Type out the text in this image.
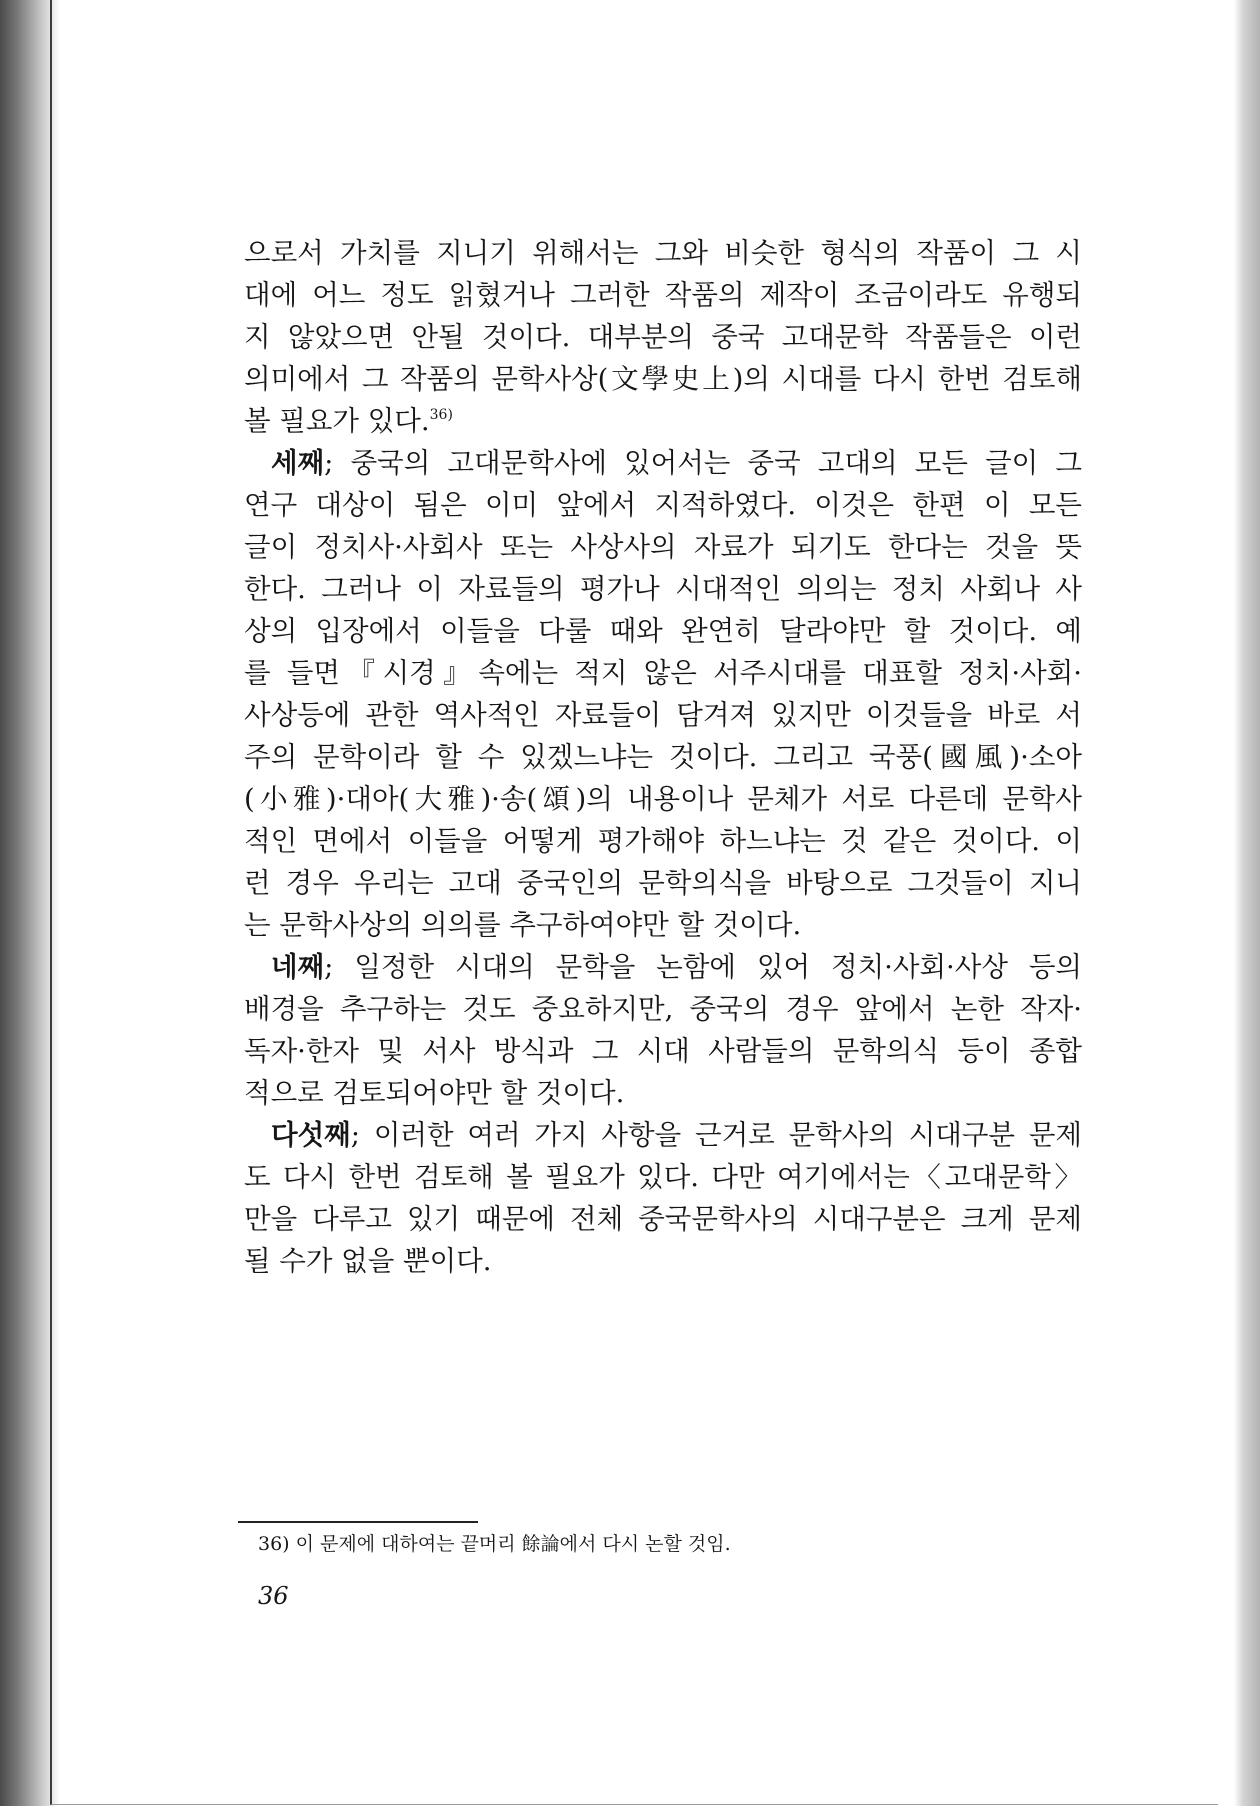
으로서 가치를 지니기 위해서는 그와 비슷한 형식의 작품이 그 시
대에 어느 정도 읽혔거나 그러한 작품의 제작이 조금이라도 유행되
지 않았으면 안될 것이다. 대부분의 중국 고대문학 작품들은 이런
의미에서 그 작품의 문학사상(文學史上)의 시대를 다시 한번 검토해
볼 필요가 있다.$^{36)}$
세째; 중국의 고대문학사에 있어서는 중국 고대의 모든 글이 그
연구 대상이 됨은 이미 앞에서 지적하였다. 이것은 한편 이 모든
글이 정치사·사회사 또는 사상사의 자료가 되기도 한다는 것을 뜻
한다. 그러나 이 자료들의 평가나 시대적인 의의는 정치 사회나 사
상의 입장에서 이들을 다룰 때와 완연히 달라야만 할 것이다. 예
를 들면『시경』속에는 적지 않은 서주시대를 대표할 정치·사회·
사상등에 관한 역사적인 자료들이 담겨져 있지만 이것들을 바로 서
주의 문학이라 할 수 있겠느냐는 것이다. 그리고 국풍(國風)·소아
(小雅)·대아(大雅)·송(頌)의 내용이나 문체가 서로 다른데 문학사
적인 면에서 이들을 어떻게 평가해야 하느냐는 것 같은 것이다. 이
런 경우 우리는 고대 중국인의 문학의식을 바탕으로 그것들이 지니
는 문학사상의 의의를 추구하여야만 할 것이다.
네째; 일정한 시대의 문학을 논함에 있어 정치·사회·사상 등의
배경을 추구하는 것도 중요하지만, 중국의 경우 앞에서 논한 작자·
독자·한자 및 서사 방식과 그 시대 사람들의 문학의식 등이 종합
적으로 검토되어야만 할 것이다.
다섯째; 이러한 여러 가지 사항을 근거로 문학사의 시대구분 문제
도 다시 한번 검토해 볼 필요가 있다. 다만 여기에서는〈고대문학〉
만을 다루고 있기 때문에 전체 중국문학사의 시대구분은 크게 문제
될 수가 없을 뿐이다.
36) 이 문제에 대하여는 끝머리 餘論에서 다시 논할 것임.
36
